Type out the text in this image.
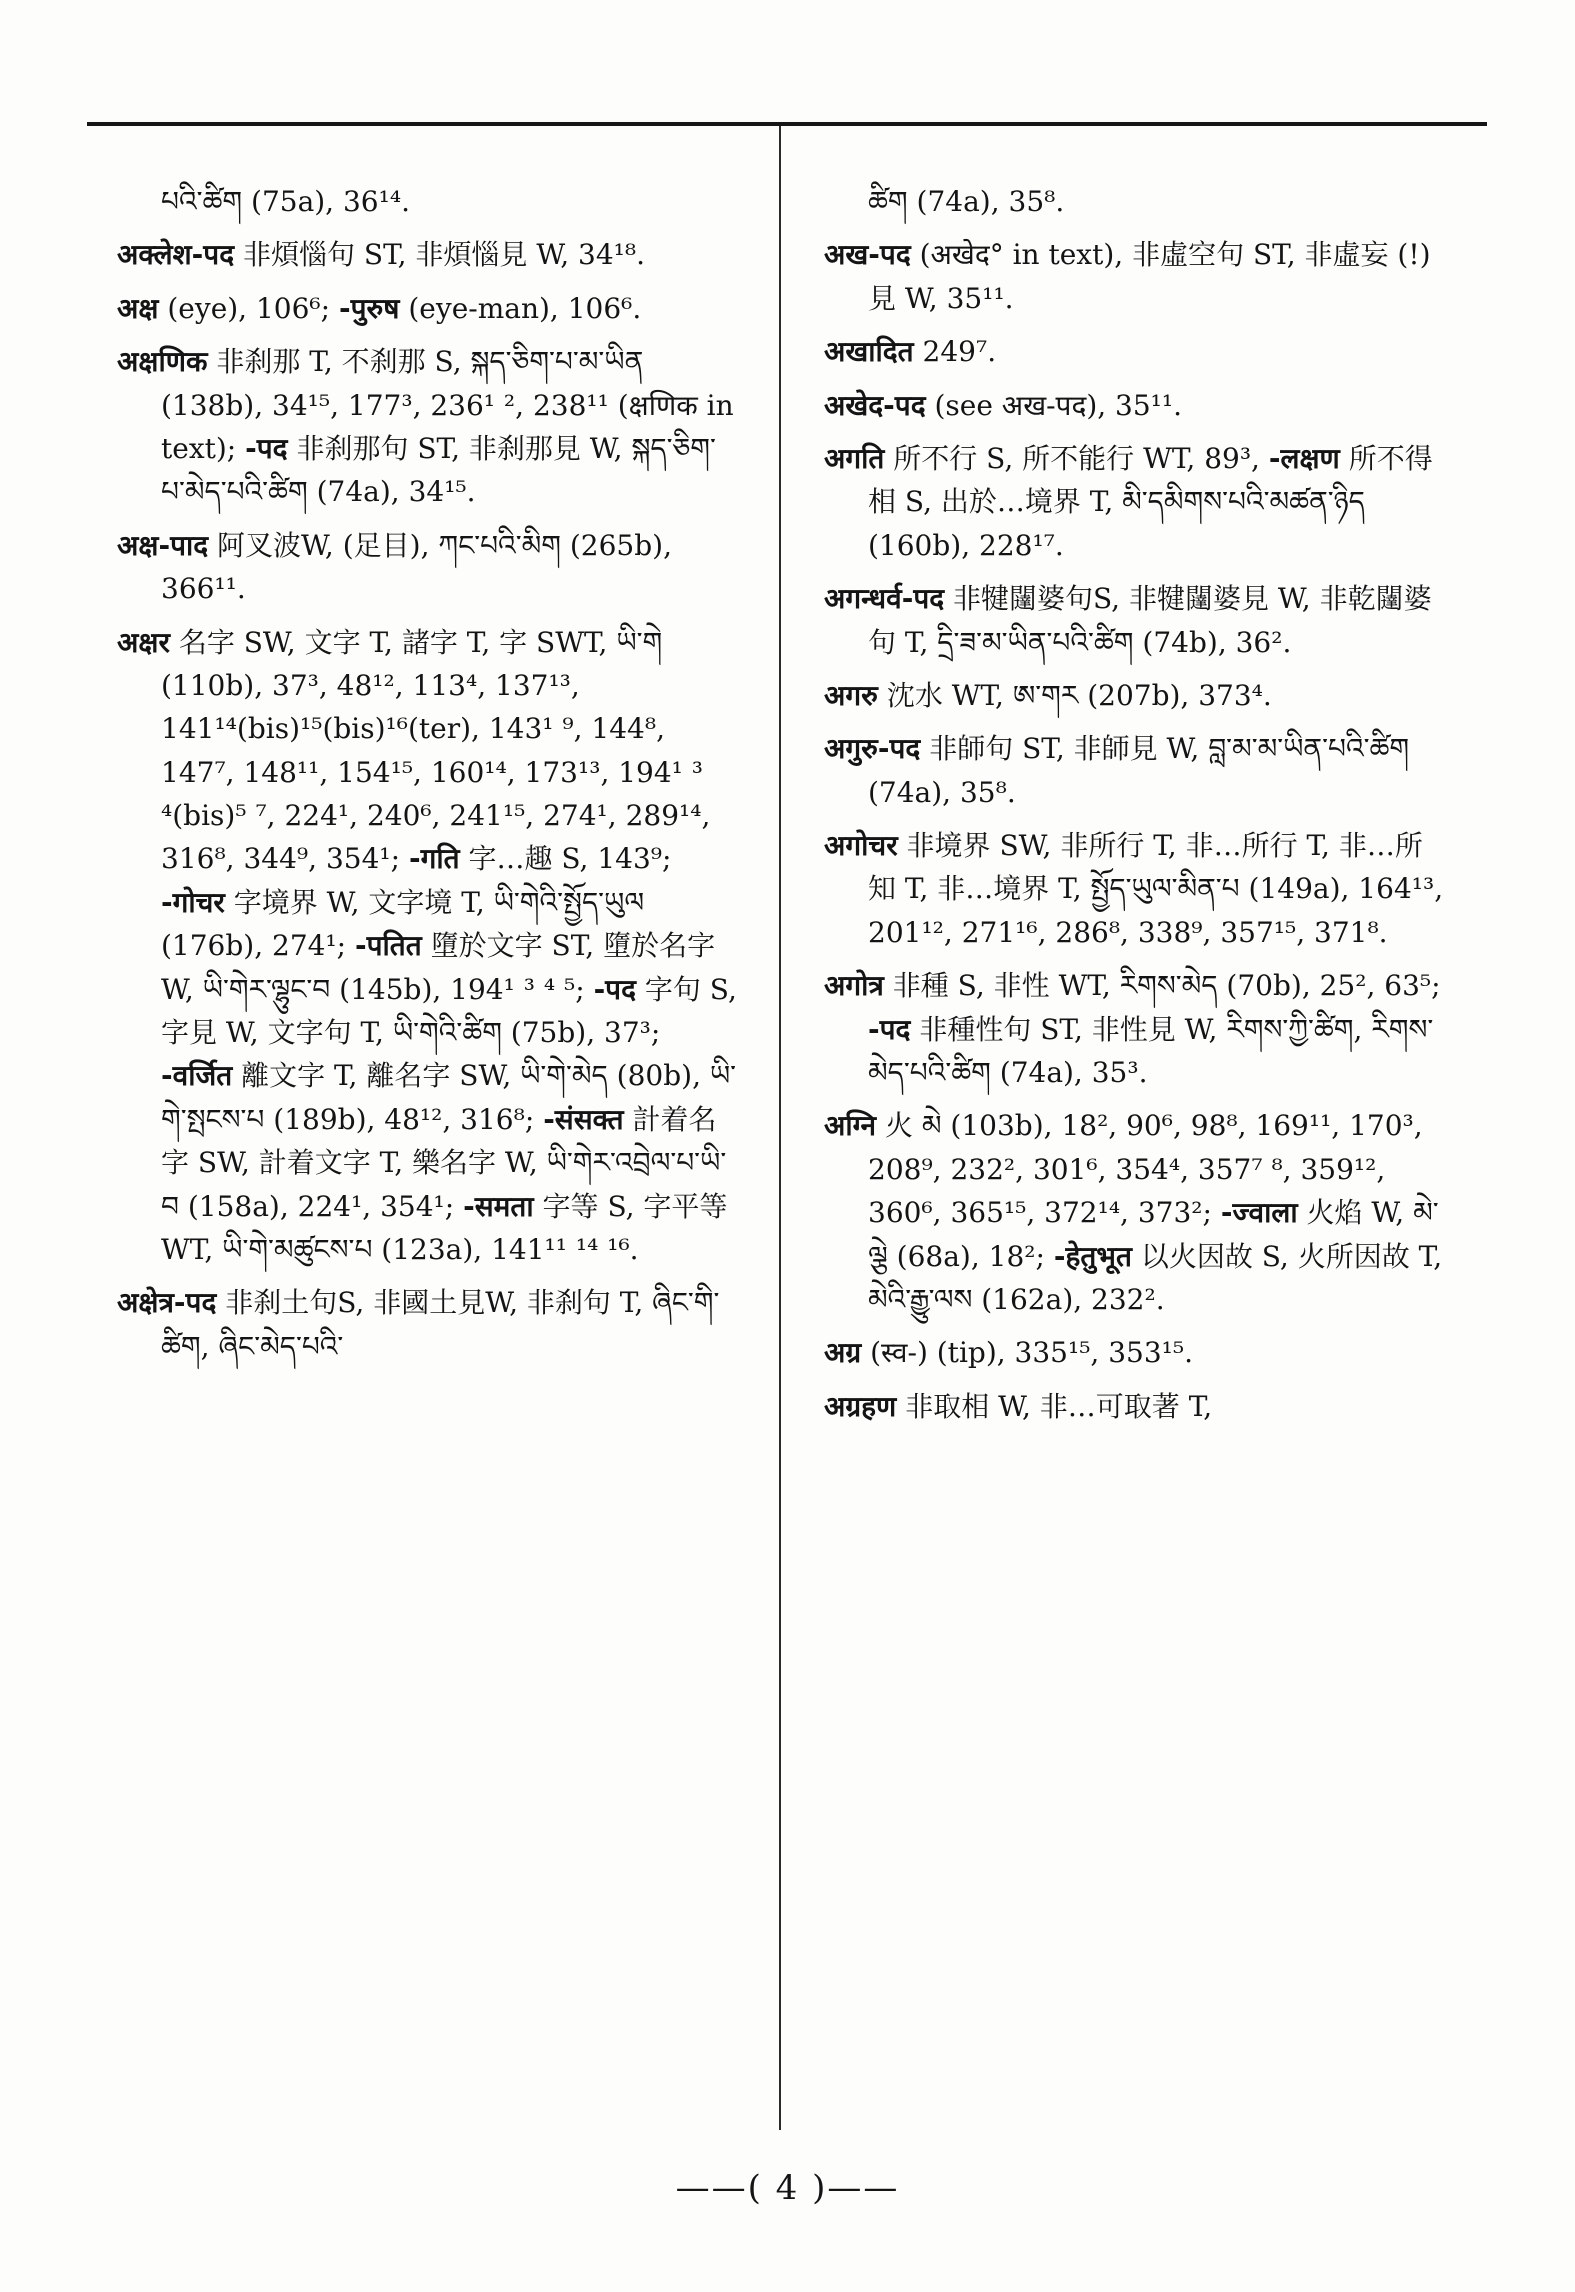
པའི་ཚིག (75a), 36¹⁴.

अक्लेश-पद 非煩惱句 ST, 非煩惱見 W, 34¹⁸.

अक्ष (eye), 106⁶; -पुरुष (eye-man), 106⁶.

अक्षणिक 非刹那 T, 不刹那 S, སྐད་ཅིག་པ་མ་ཡིན (138b), 34¹⁵, 177³, 236¹ ², 238¹¹ (क्षणिक in text); -पद 非刹那句 ST, 非刹那見 W, སྐད་ཅིག་པ་མེད་པའི་ཚིག (74a), 34¹⁵.

अक्ष-पाद 阿叉波W, (足目), ཀང་པའི་མིག (265b), 366¹¹.

अक्षर 名字 SW, 文字 T, 諸字 T, 字 SWT, ཡི་གེ (110b), 37³, 48¹², 113⁴, 137¹³, 141¹⁴(bis)¹⁵(bis)¹⁶(ter), 143¹ ⁹, 144⁸, 147⁷, 148¹¹, 154¹⁵, 160¹⁴, 173¹³, 194¹ ³ ⁴(bis)⁵ ⁷, 224¹, 240⁶, 241¹⁵, 274¹, 289¹⁴, 316⁸, 344⁹, 354¹; -गति 字…趣 S, 143⁹; -गोचर 字境界 W, 文字境 T, ཡི་གེའི་སྤྱོད་ཡུལ (176b), 274¹; -पतित 墮於文字 ST, 墮於名字 W, ཡི་གེར་ལྷུང་བ (145b), 194¹ ³ ⁴ ⁵; -पद 字句 S, 字見 W, 文字句 T, ཡི་གེའི་ཚིག (75b), 37³; -वर्जित 離文字 T, 離名字 SW, ཡི་གེ་མེད (80b), ཡི་གེ་སྤངས་པ (189b), 48¹², 316⁸; -संसक्त 計着名字 SW, 計着文字 T, 樂名字 W, ཡི་གེར་འབྲེལ་པ་ཡི་བ (158a), 224¹, 354¹; -समता 字等 S, 字平等 WT, ཡི་གེ་མཚུངས་པ (123a), 141¹¹ ¹⁴ ¹⁶.

अक्षेत्र-पद 非刹土句S, 非國土見W, 非刹句 T, ཞིང་གི་ཚིག, ཞིང་མེད་པའི་

ཚིག (74a), 35⁸.

अख-पद (अखेद° in text), 非虛空句 ST, 非虛妄 (!) 見 W, 35¹¹.

अखादित 249⁷.

अखेद-पद (see अख-पद), 35¹¹.

अगति 所不行 S, 所不能行 WT, 89³, -लक्षण 所不得相 S, 出於…境界 T, མི་དམིགས་པའི་མཚན་ཉིད (160b), 228¹⁷.

अगन्धर्व-पद 非犍闥婆句S, 非犍闥婆見 W, 非乾闥婆句 T, དྲི་ཟ་མ་ཡིན་པའི་ཚིག (74b), 36².

अगरु 沈水 WT, ཨ་གར (207b), 373⁴.

अगुरु-पद 非師句 ST, 非師見 W, བླ་མ་མ་ཡིན་པའི་ཚིག (74a), 35⁸.

अगोचर 非境界 SW, 非所行 T, 非…所行 T, 非…所知 T, 非…境界 T, སྤྱོད་ཡུལ་མིན་པ (149a), 164¹³, 201¹², 271¹⁶, 286⁸, 338⁹, 357¹⁵, 371⁸.

अगोत्र 非種 S, 非性 WT, རིགས་མེད (70b), 25², 63⁵; -पद 非種性句 ST, 非性見 W, རིགས་ཀྱི་ཚིག, རིགས་མེད་པའི་ཚིག (74a), 35³.

अग्नि 火 མེ (103b), 18², 90⁶, 98⁸, 169¹¹, 170³, 208⁹, 232², 301⁶, 354⁴, 357⁷ ⁸, 359¹², 360⁶, 365¹⁵, 372¹⁴, 373²; -ज्वाला 火焰 W, མེ་ལྕེ (68a), 18²; -हेतुभूत 以火因故 S, 火所因故 T, མེའི་རྒྱུ་ལས (162a), 232².

अग्र (स्व-) (tip), 335¹⁵, 353¹⁵.

अग्रहण 非取相 W, 非…可取著 T,

——( 4 )——
